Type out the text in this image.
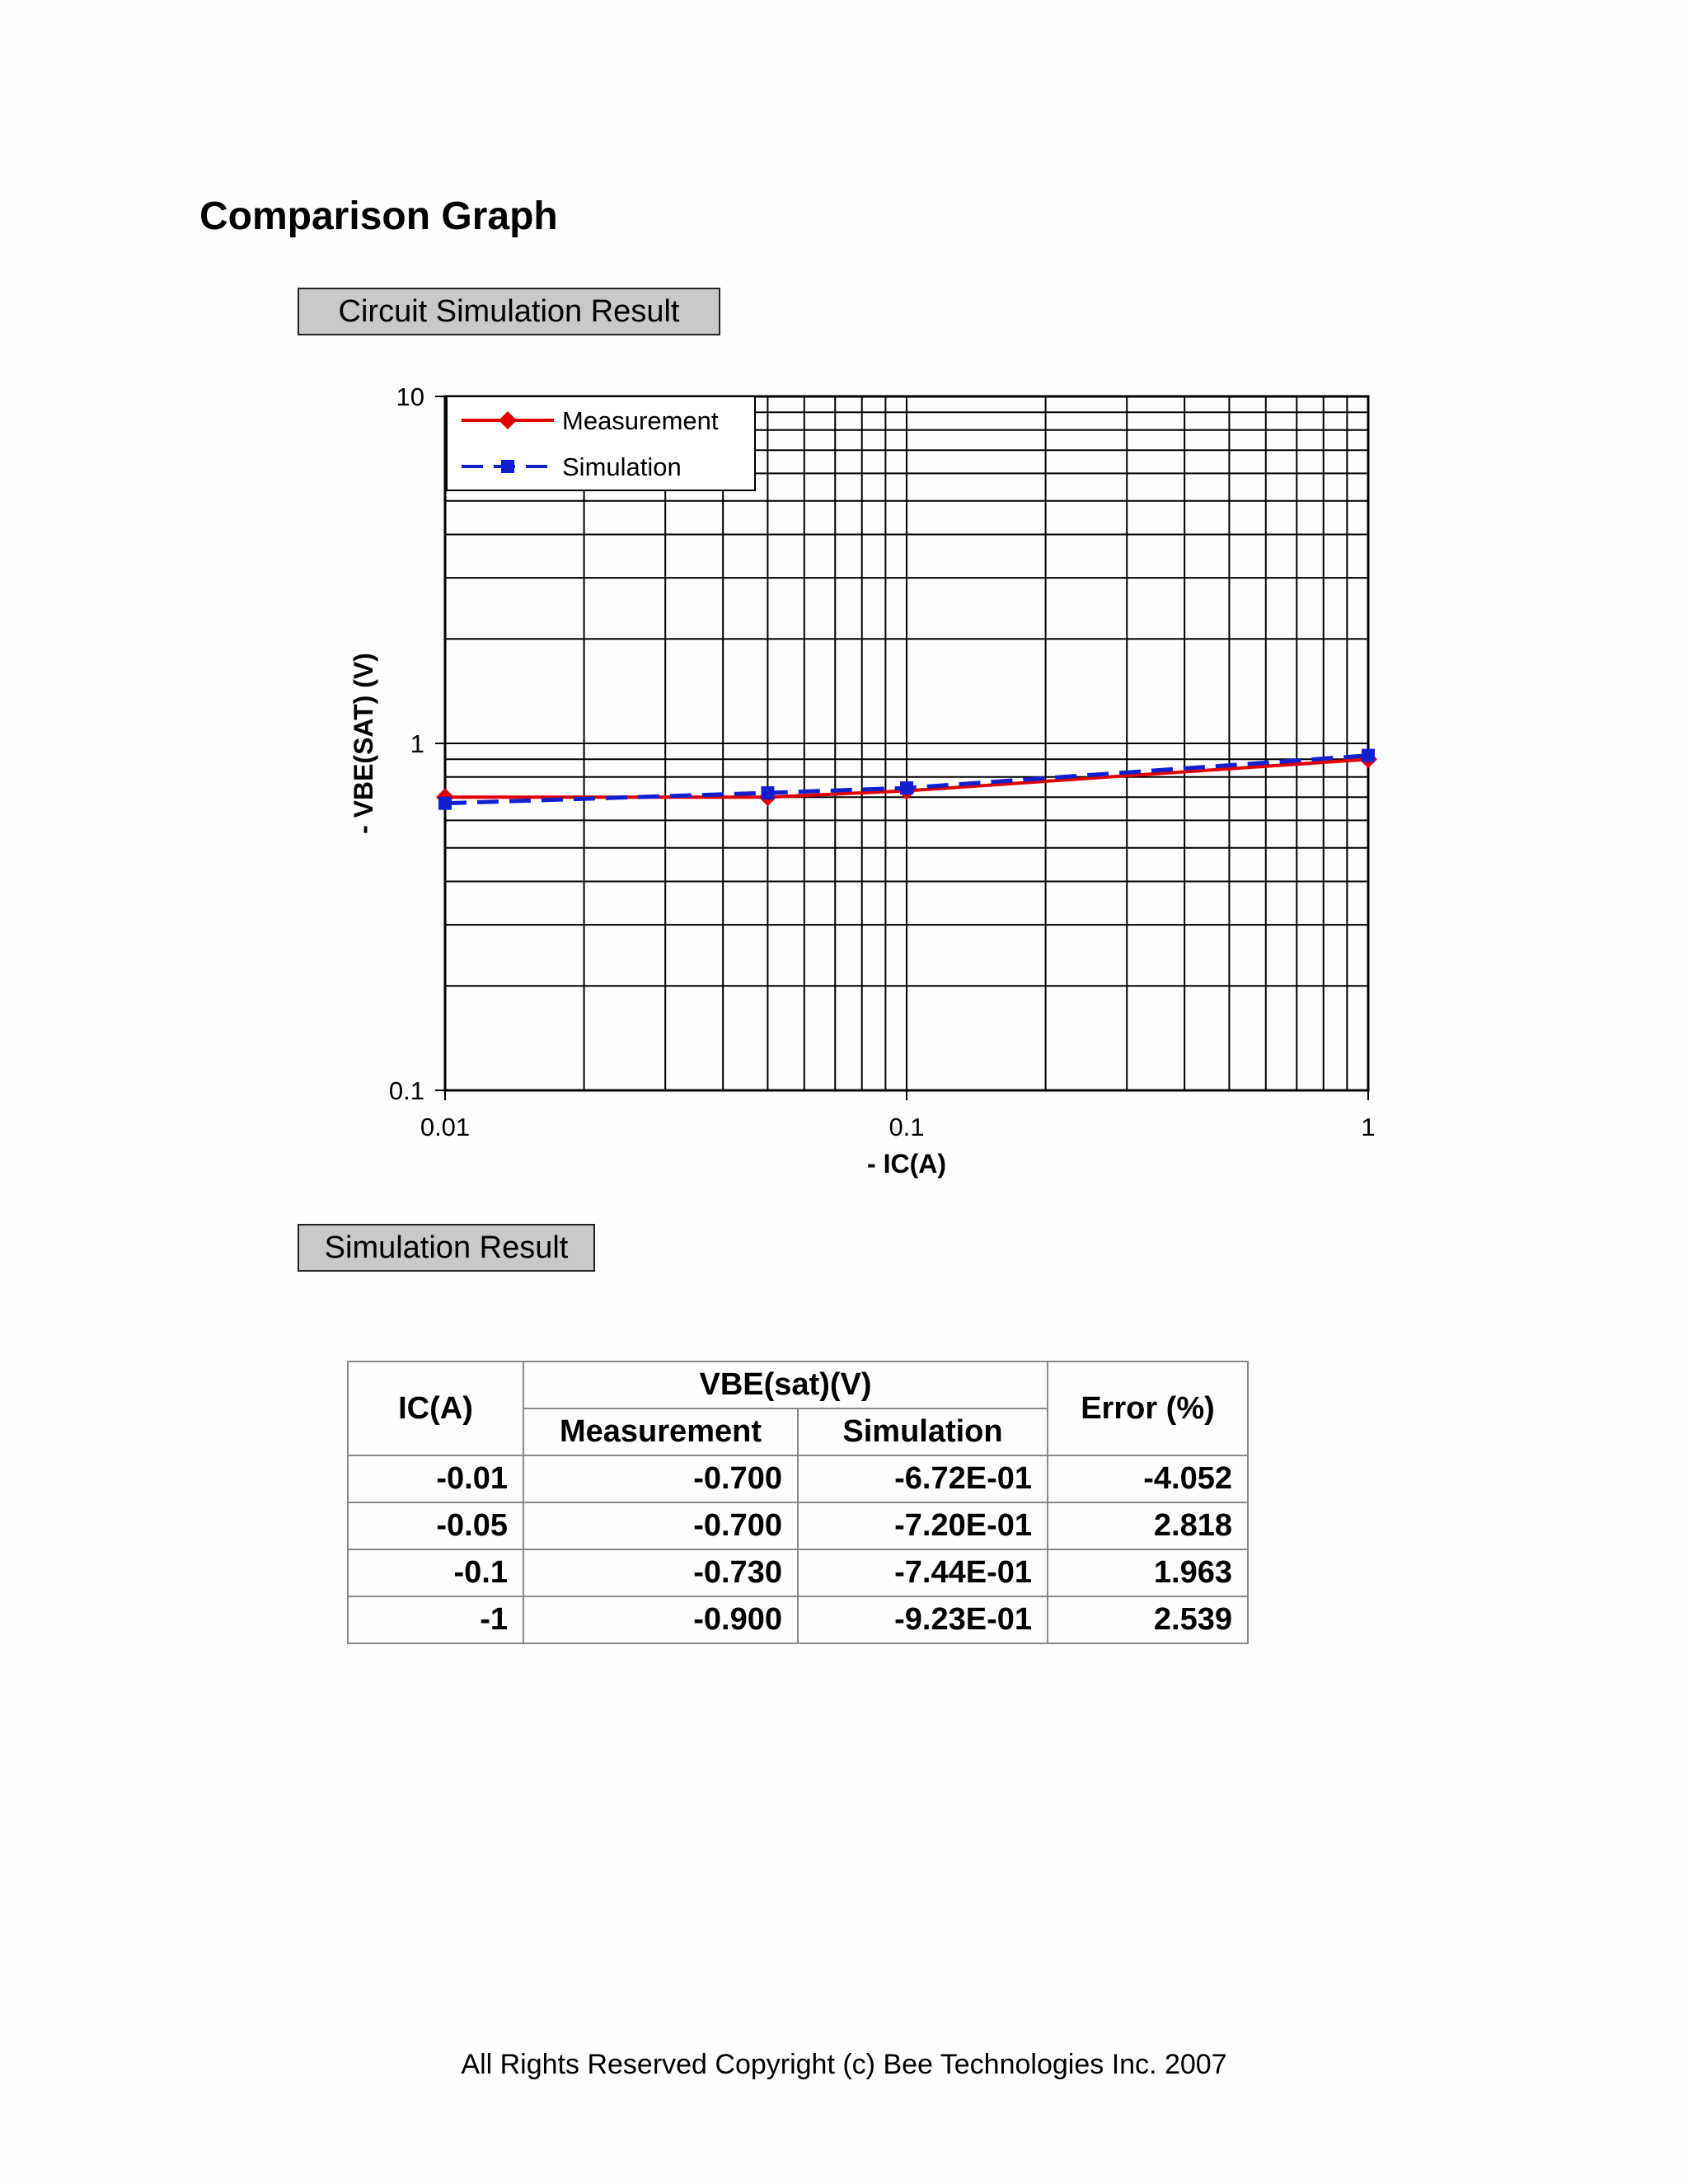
Comparison Graph
Circuit Simulation Result
0.01	0.1	1
0.1
1
10
Measurement
Simulation
- IC(A)
- VBE(SAT) (V)
Simulation Result
IC(A)	VBE(sat)(V)		Error (%)
	Measurement	Simulation	
-0.01	-0.700	-6.72E-01	-4.052
-0.05	-0.700	-7.20E-01	2.818
-0.1	-0.730	-7.44E-01	1.963
-1	-0.900	-9.23E-01	2.539
All Rights Reserved Copyright (c) Bee Technologies Inc. 2007
